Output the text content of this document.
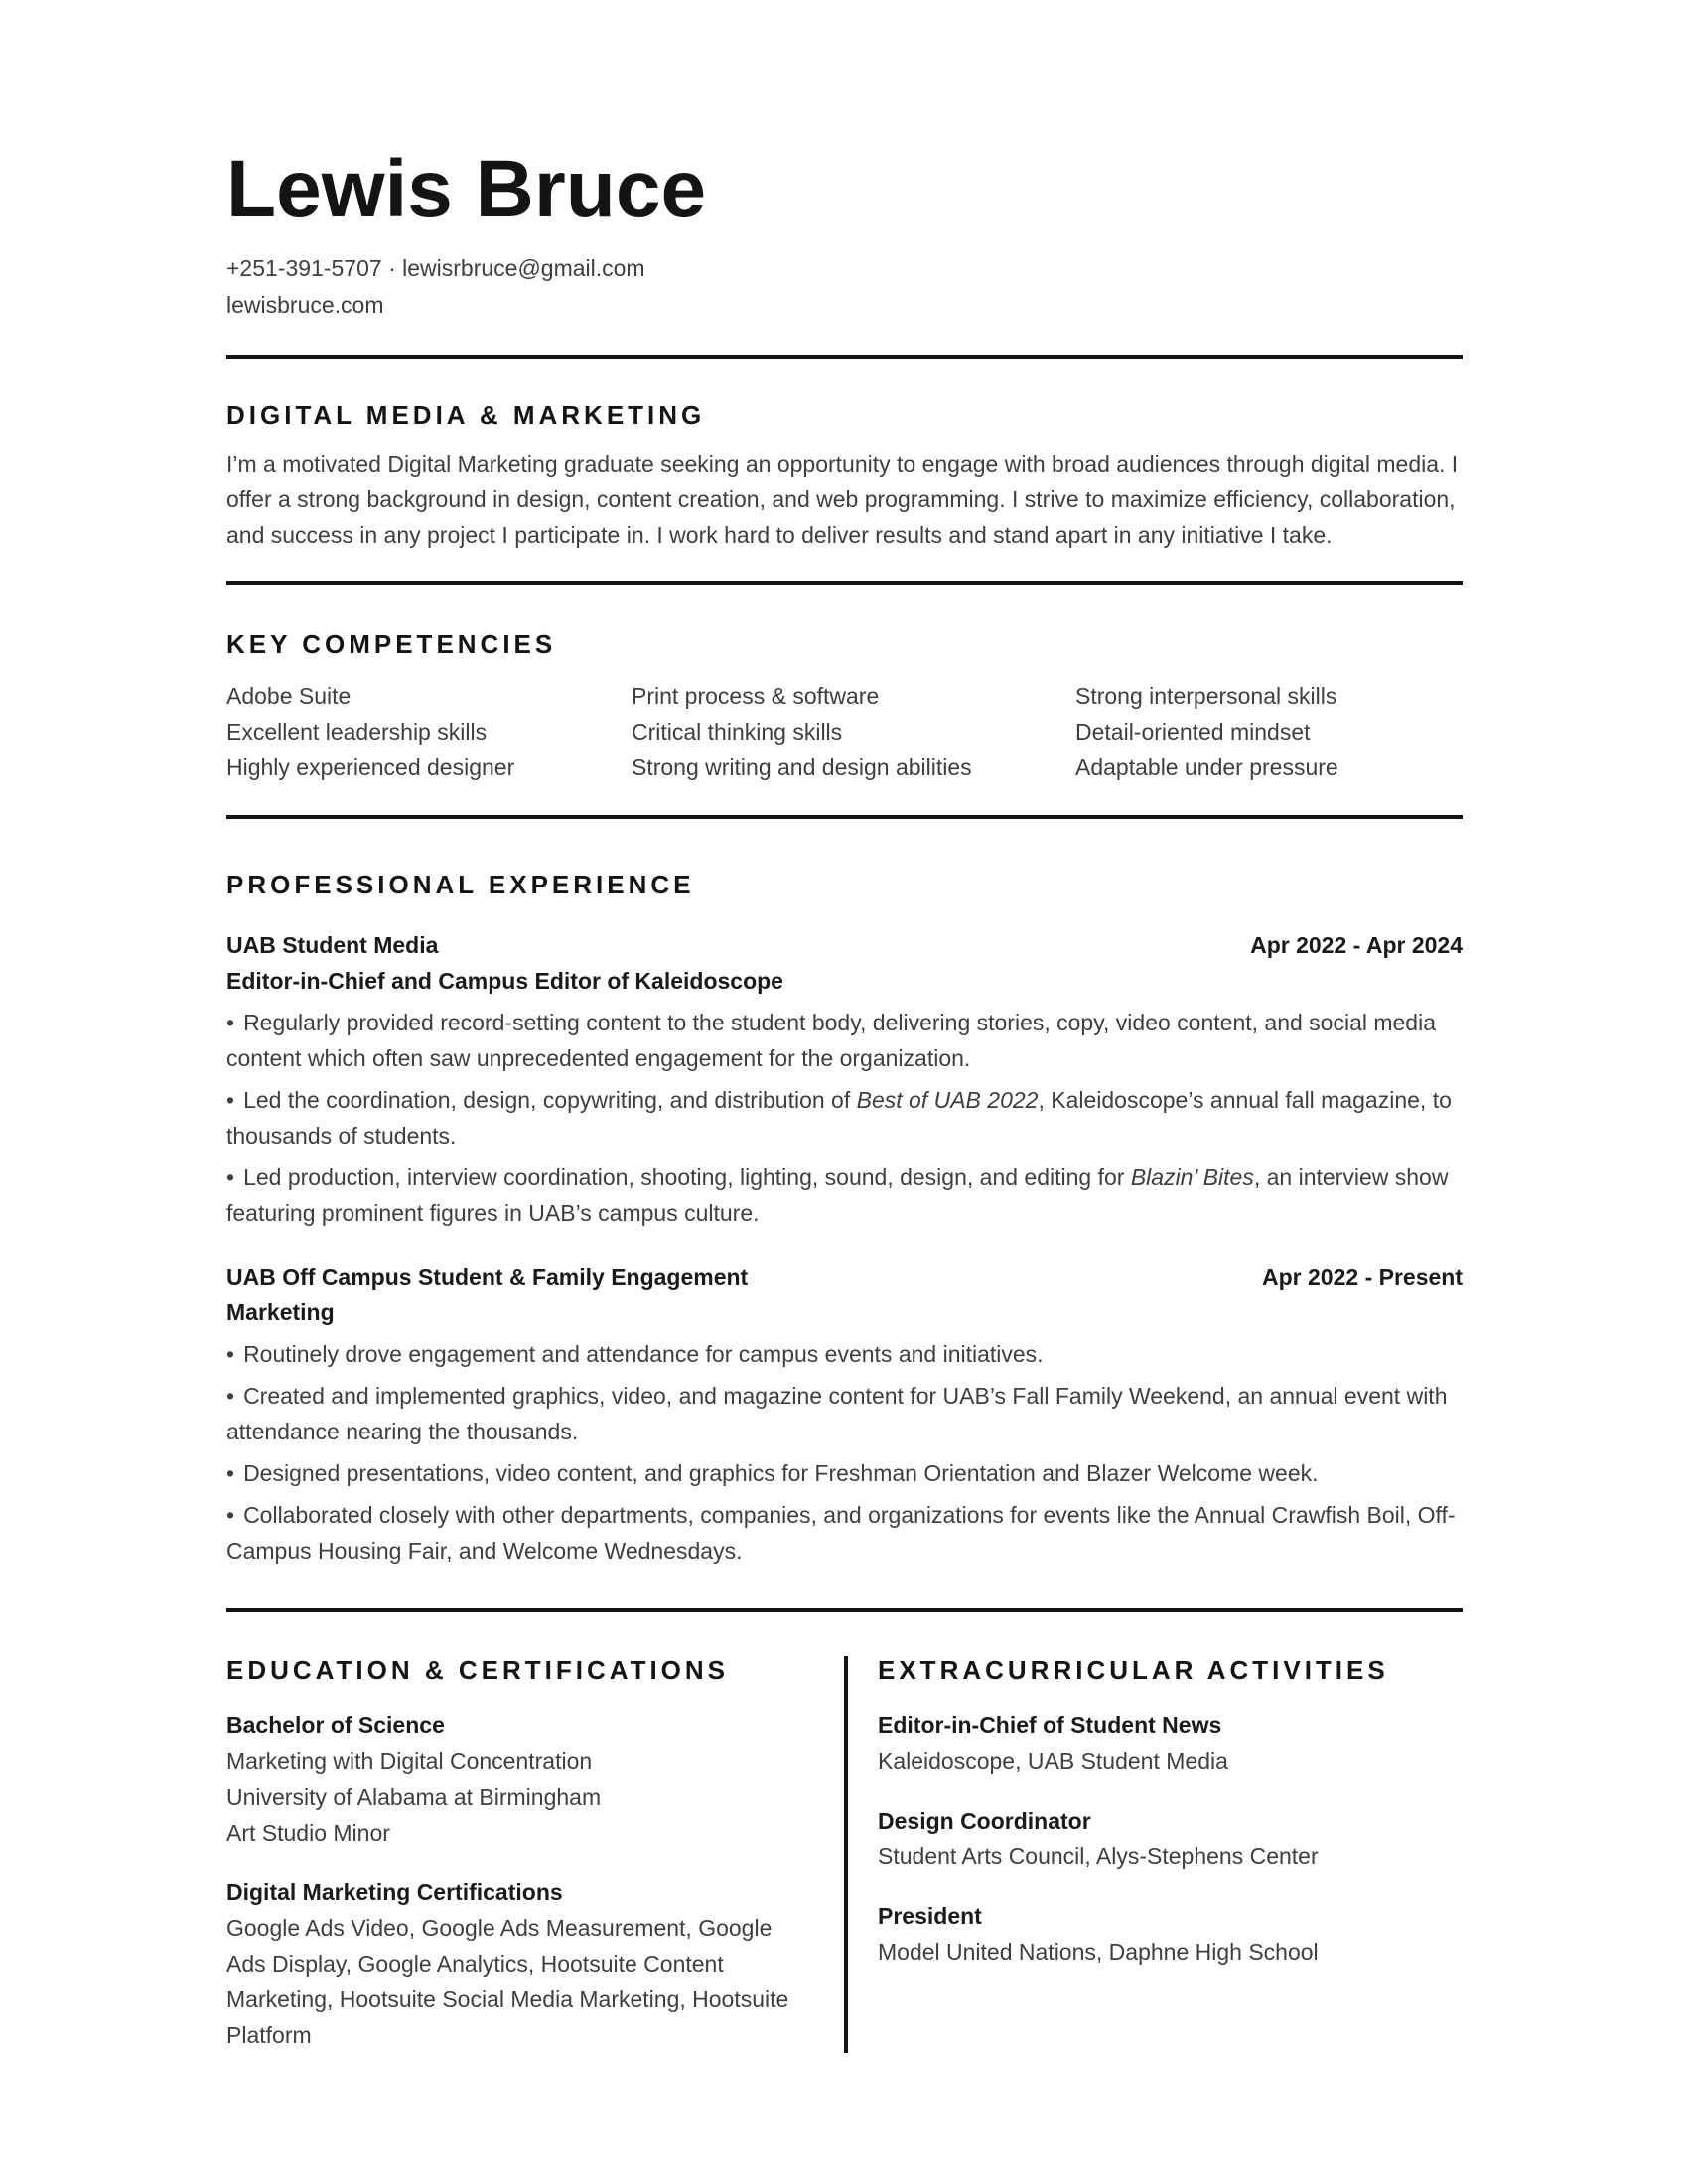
Lewis Bruce
+251-391-5707 · lewisrbruce@gmail.com
lewisbruce.com
DIGITAL MEDIA & MARKETING

I’m a motivated Digital Marketing graduate seeking an opportunity to engage with broad audiences through digital media. I offer a strong background in design, content creation, and web programming. I strive to maximize efficiency, collaboration, and success in any project I participate in. I work hard to deliver results and stand apart in any initiative I take.

KEY COMPETENCIES
Adobe Suite	Print process & software	Strong interpersonal skills
Excellent leadership skills	Critical thinking skills	Detail-oriented mindset
Highly experienced designer	Strong writing and design abilities	Adaptable under pressure
PROFESSIONAL EXPERIENCE
UAB Student Media	Apr 2022 - Apr 2024
Editor-in-Chief and Campus Editor of Kaleidoscope

• Regularly provided record-setting content to the student body, delivering stories, copy, video content, and social media content which often saw unprecedented engagement for the organization.

• Led the coordination, design, copywriting, and distribution of Best of UAB 2022, Kaleidoscope’s annual fall magazine, to thousands of students.

• Led production, interview coordination, shooting, lighting, sound, design, and editing for Blazin’ Bites, an interview show featuring prominent figures in UAB’s campus culture.

UAB Off Campus Student & Family Engagement	Apr 2022 - Present
Marketing

• Routinely drove engagement and attendance for campus events and initiatives.

• Created and implemented graphics, video, and magazine content for UAB’s Fall Family Weekend, an annual event with attendance nearing the thousands.

• Designed presentations, video content, and graphics for Freshman Orientation and Blazer Welcome week.

• Collaborated closely with other departments, companies, and organizations for events like the Annual Crawfish Boil, Off-Campus Housing Fair, and Welcome Wednesdays.

EDUCATION & CERTIFICATIONS
Bachelor of Science
Marketing with Digital Concentration
University of Alabama at Birmingham
Art Studio Minor
Digital Marketing Certifications
Google Ads Video, Google Ads Measurement, Google Ads Display, Google Analytics, Hootsuite Content Marketing, Hootsuite Social Media Marketing, Hootsuite Platform
EXTRACURRICULAR ACTIVITIES
Editor-in-Chief of Student News
Kaleidoscope, UAB Student Media
Design Coordinator
Student Arts Council, Alys-Stephens Center
President
Model United Nations, Daphne High School
